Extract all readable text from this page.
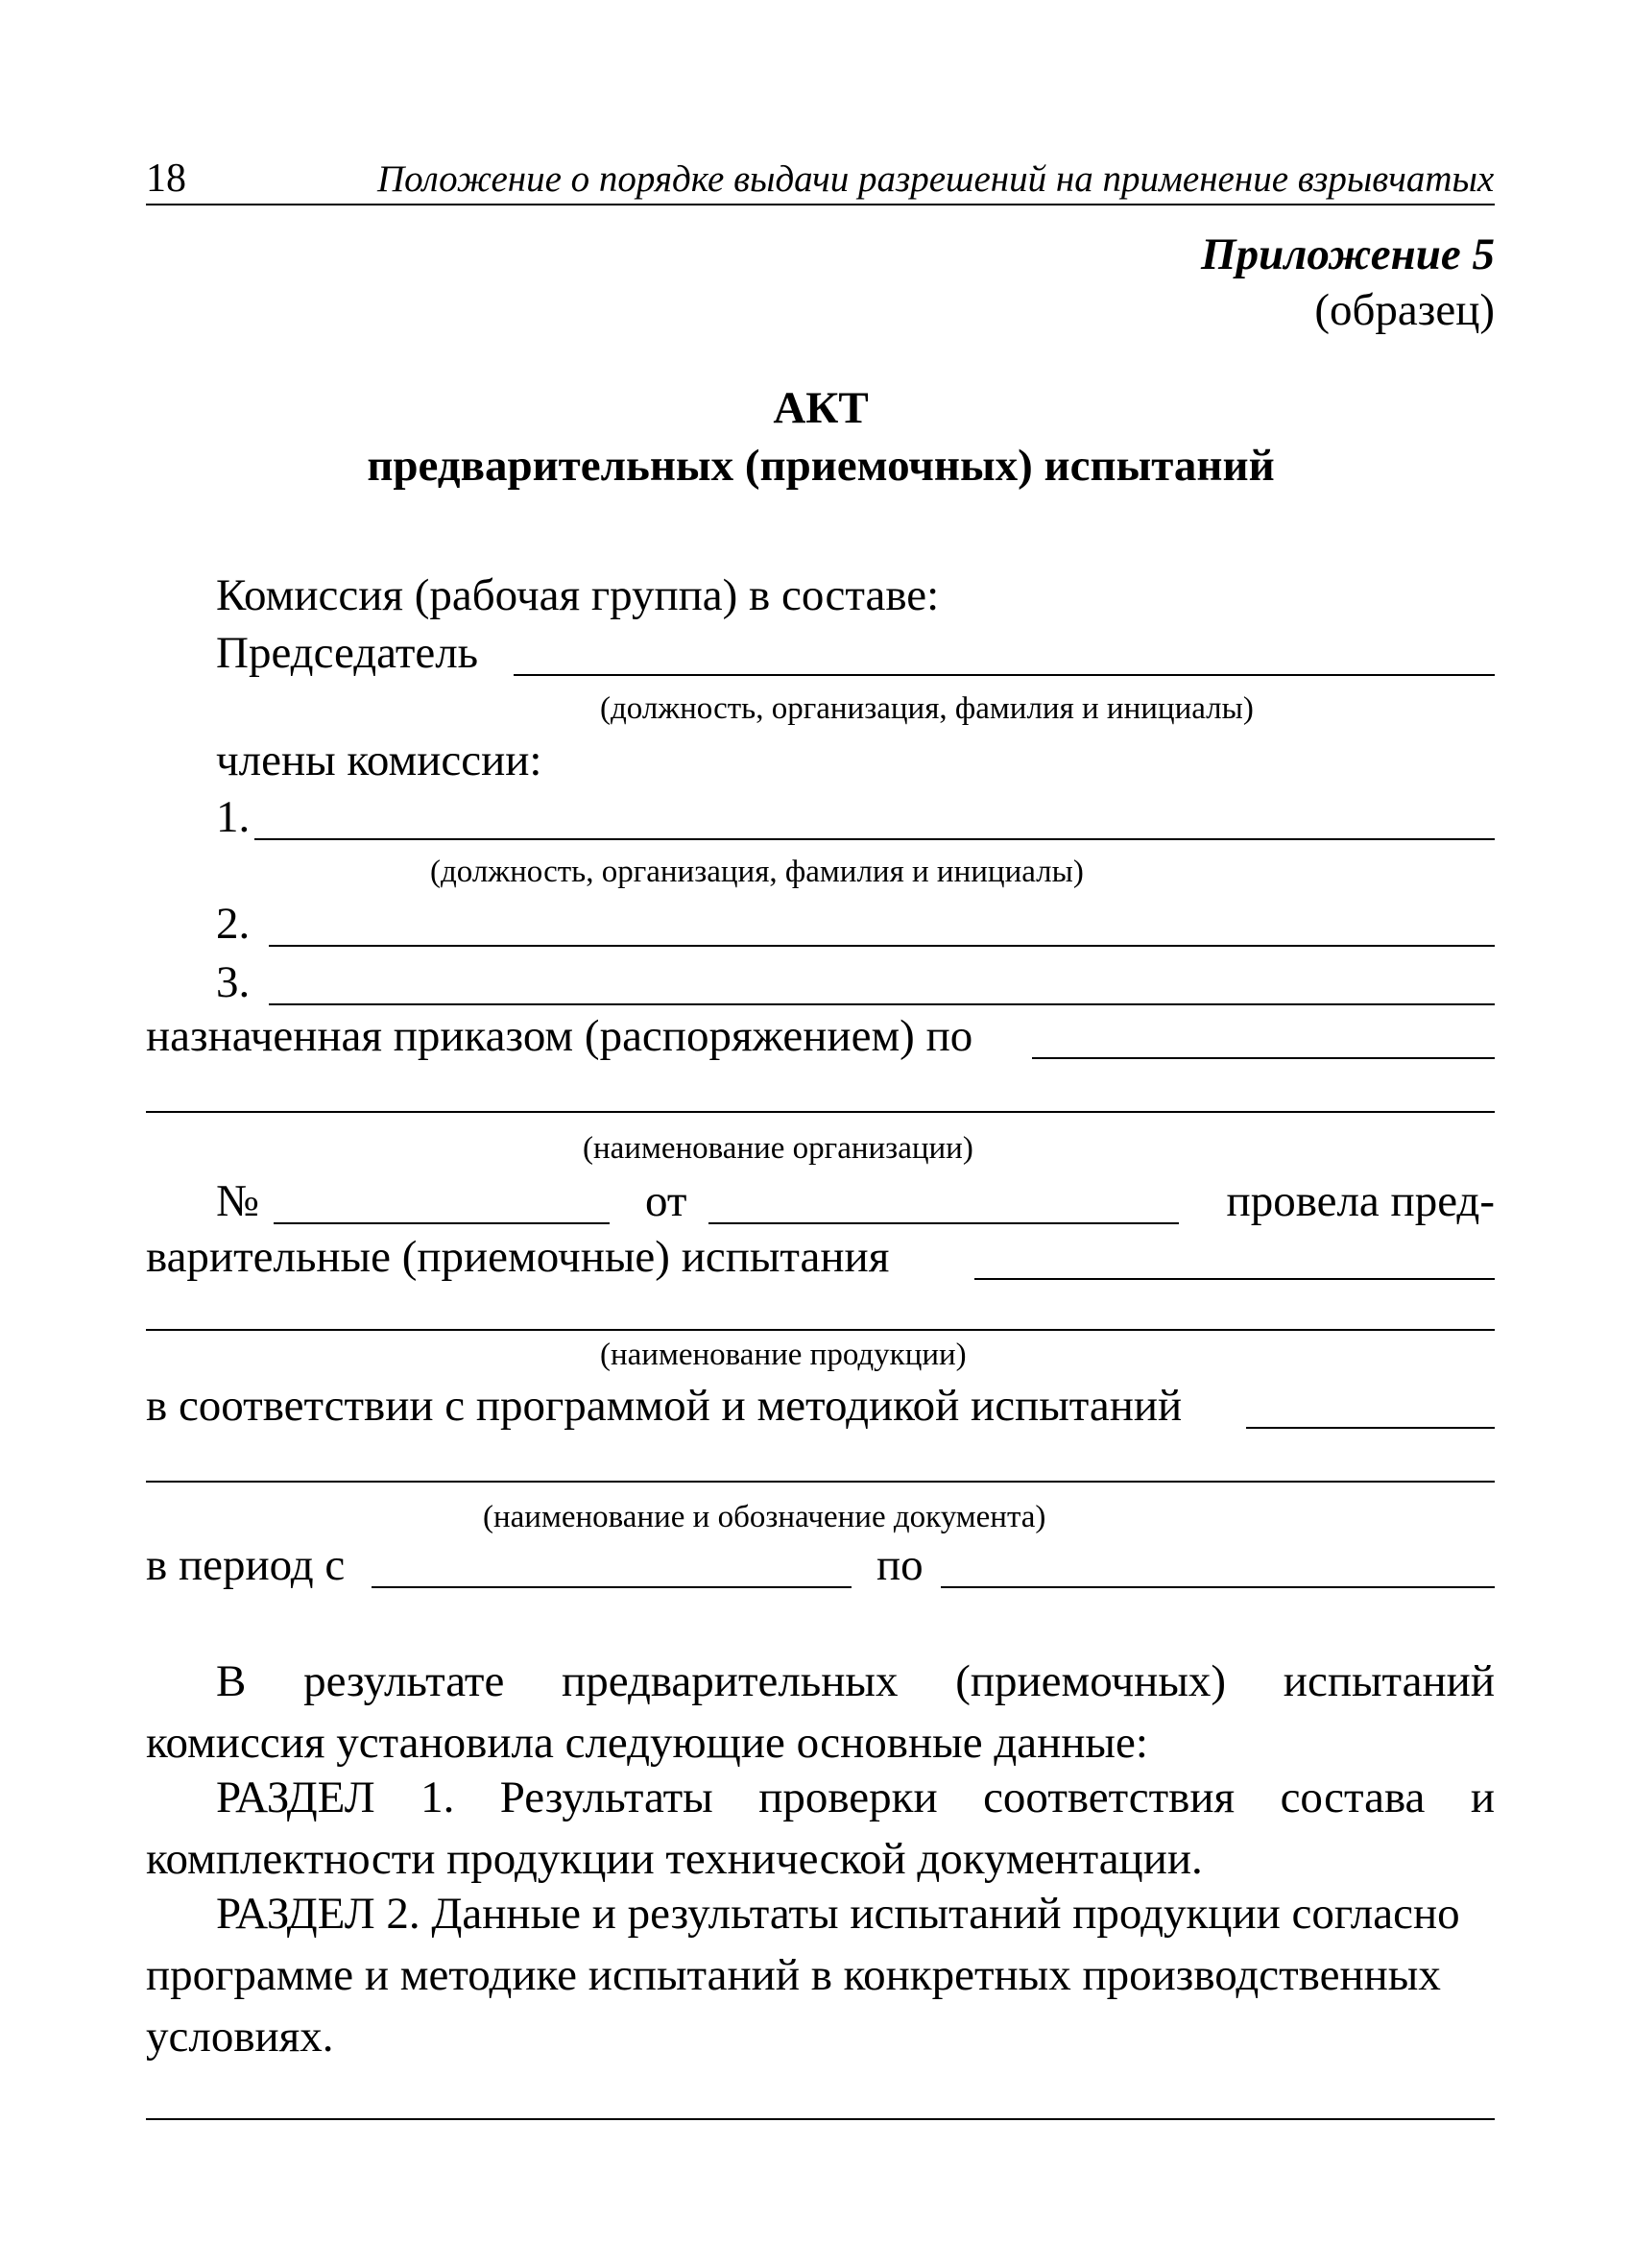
18	Положение о порядке выдачи разрешений на применение взрывчатых
Приложение 5
(образец)
АКТ
предварительных (приемочных) испытаний
Комиссия (рабочая группа) в составе:
Председатель
(должность, организация, фамилия и инициалы)
члены комиссии:
1.
(должность, организация, фамилия и инициалы)
2.
3.
назначенная приказом (распоряжением) по
(наименование организации)
№	от	провела пред-
варительные (приемочные) испытания
(наименование продукции)
в соответствии с программой и методикой испытаний
(наименование и обозначение документа)
в период с	по
В результате предварительных (приемочных) испытаний комиссия установила следующие основные данные:
РАЗДЕЛ 1. Результаты проверки соответствия состава и комплектности продукции технической документации.
РАЗДЕЛ 2. Данные и результаты испытаний продукции согласно программе и методике испытаний в конкретных производственных условиях.
